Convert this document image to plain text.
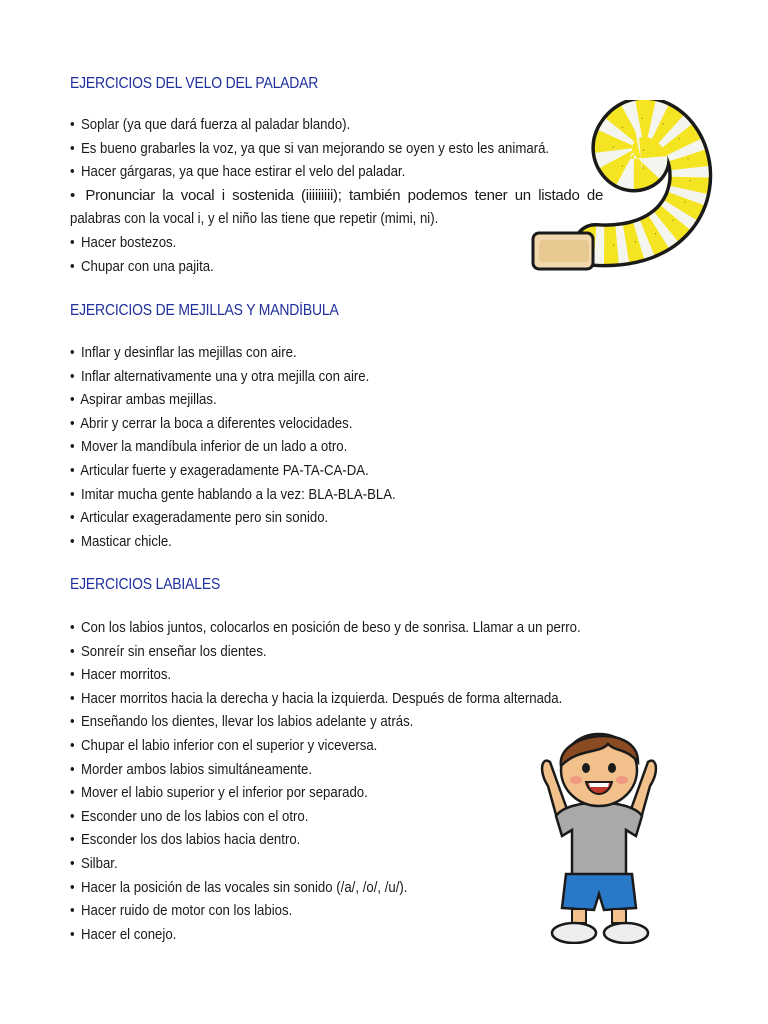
EJERCICIOS DEL VELO DEL PALADAR
• Soplar (ya que dará fuerza al paladar blando).
• Es bueno grabarles la voz, ya que si van mejorando se oyen y esto les animará.
• Hacer gárgaras, ya que hace estirar el velo del paladar.
• Pronunciar la vocal i sostenida (iiiiiiiii); también podemos tener un listado de
palabras con la vocal i, y el niño las tiene que repetir (mimi, ni).
• Hacer bostezos.
• Chupar con una pajita.
EJERCICIOS DE MEJILLAS Y MANDÍBULA
• Inflar y desinflar las mejillas con aire.
• Inflar alternativamente una y otra mejilla con aire.
• Aspirar ambas mejillas.
• Abrir y cerrar la boca a diferentes velocidades.
• Mover la mandíbula inferior de un lado a otro.
• Articular fuerte y exageradamente PA-TA-CA-DA.
• Imitar mucha gente hablando a la vez: BLA-BLA-BLA.
• Articular exageradamente pero sin sonido.
• Masticar chicle.
EJERCICIOS LABIALES
• Con los labios juntos, colocarlos en posición de beso y de sonrisa. Llamar a un perro.
• Sonreír sin enseñar los dientes.
• Hacer morritos.
• Hacer morritos hacia la derecha y hacia la izquierda. Después de forma alternada.
• Enseñando los dientes, llevar los labios adelante y atrás.
• Chupar el labio inferior con el superior y viceversa.
• Morder ambos labios simultáneamente.
• Mover el labio superior y el inferior por separado.
• Esconder uno de los labios con el otro.
• Esconder los dos labios hacia dentro.
• Silbar.
• Hacer la posición de las vocales sin sonido (/a/, /o/, /u/).
• Hacer ruido de motor con los labios.
• Hacer el conejo.
